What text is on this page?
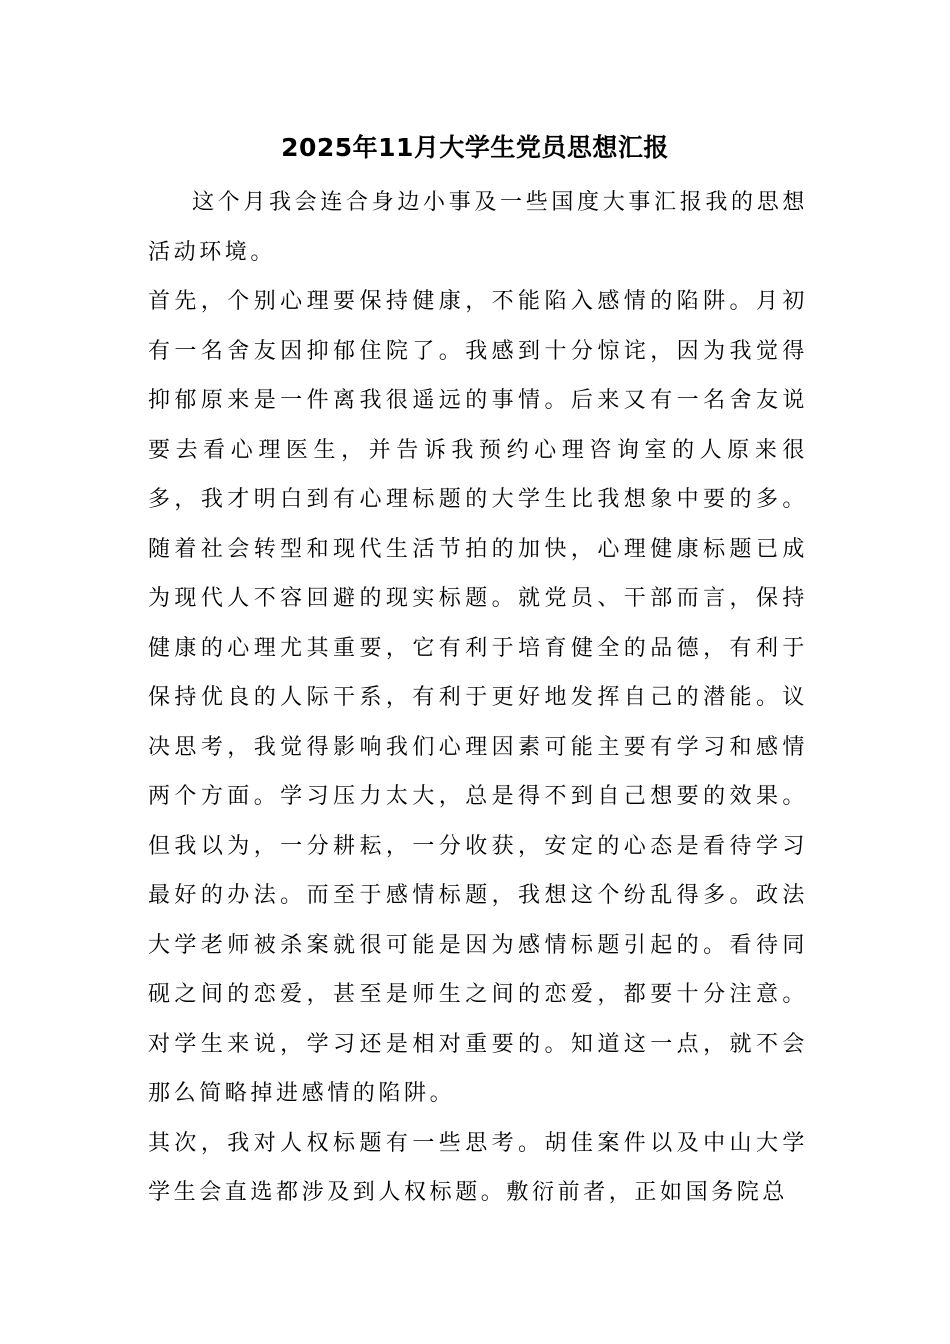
2025年11月大学生党员思想汇报

这个月我会连合身边小事及一些国度大事汇报我的思想活动环境。

首先，个别心理要保持健康，不能陷入感情的陷阱。月初有一名舍友因抑郁住院了。我感到十分惊诧，因为我觉得抑郁原来是一件离我很遥远的事情。后来又有一名舍友说要去看心理医生，并告诉我预约心理咨询室的人原来很多，我才明白到有心理标题的大学生比我想象中要的多。随着社会转型和现代生活节拍的加快，心理健康标题已成为现代人不容回避的现实标题。就党员、干部而言，保持健康的心理尤其重要，它有利于培育健全的品德，有利于保持优良的人际干系，有利于更好地发挥自己的潜能。议决思考，我觉得影响我们心理因素可能主要有学习和感情两个方面。学习压力太大，总是得不到自己想要的效果。但我以为，一分耕耘，一分收获，安定的心态是看待学习最好的办法。而至于感情标题，我想这个纷乱得多。政法大学老师被杀案就很可能是因为感情标题引起的。看待同砚之间的恋爱，甚至是师生之间的恋爱，都要十分注意。对学生来说，学习还是相对重要的。知道这一点，就不会那么简略掉进感情的陷阱。

其次，我对人权标题有一些思考。胡佳案件以及中山大学学生会直选都涉及到人权标题。敷衍前者，正如国务院总
